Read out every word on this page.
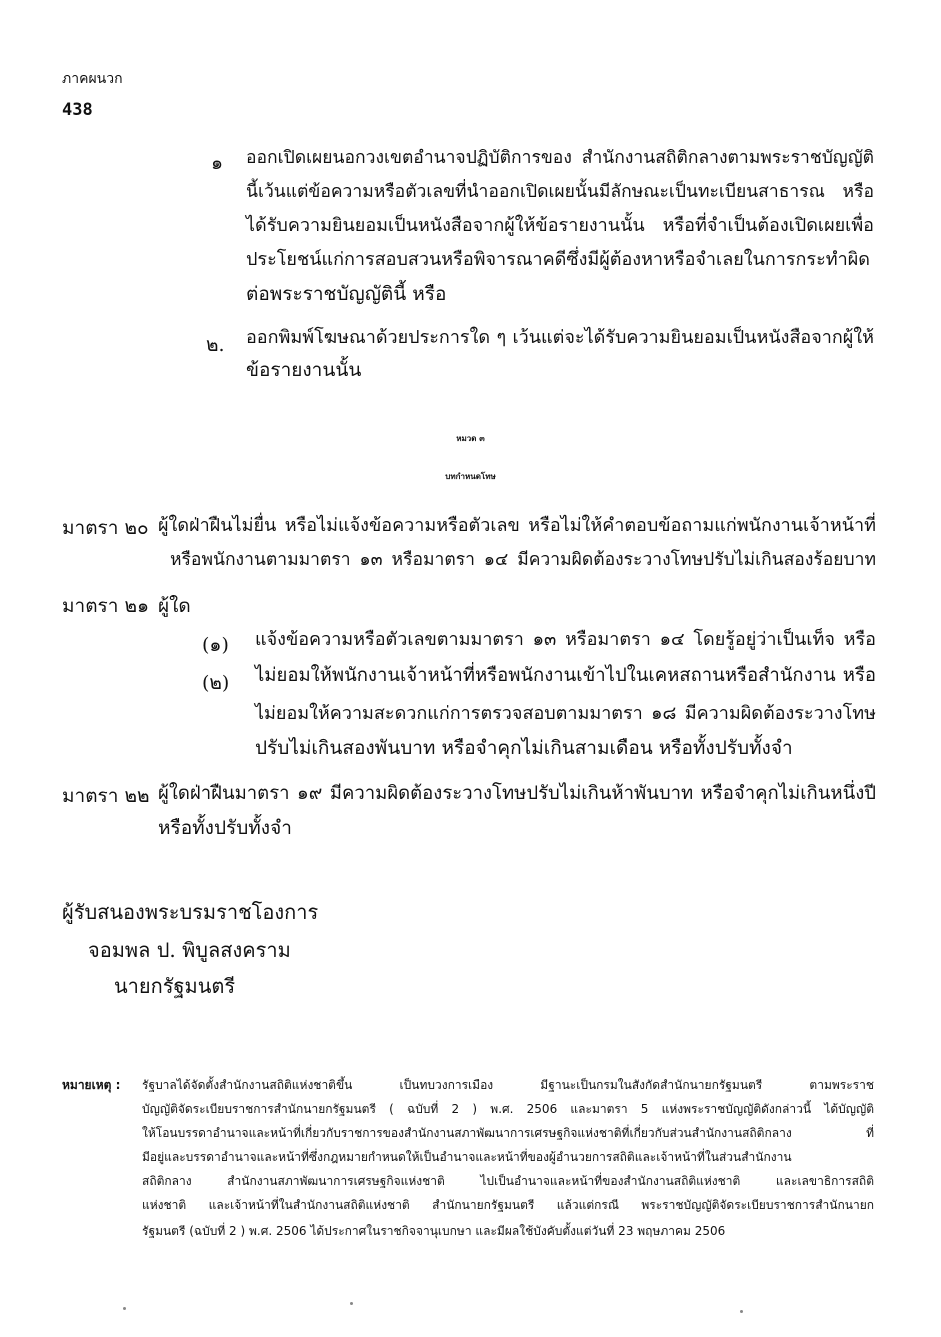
ภาคผนวก
438
๑ ออกเปิดเผยนอกวงเขตอำนาจปฏิบัติการของ สำนักงานสถิติกลางตามพระราชบัญญัติ
นี้เว้นแต่ข้อความหรือตัวเลขที่นำออกเปิดเผยนั้นมีลักษณะเป็นทะเบียนสาธารณ หรือ
ได้รับความยินยอมเป็นหนังสือจากผู้ให้ข้อรายงานนั้น หรือที่จำเป็นต้องเปิดเผยเพื่อ
ประโยชน์แก่การสอบสวนหรือพิจารณาคดีซึ่งมีผู้ต้องหาหรือจำเลยในการกระทำผิด
ต่อพระราชบัญญัตินี้ หรือ
๒. ออกพิมพ์โฆษณาด้วยประการใด ๆ เว้นแต่จะได้รับความยินยอมเป็นหนังสือจากผู้ให้
ข้อรายงานนั้น
หมวด ๓
บทกำหนดโทษ
มาตรา ๒๐ ผู้ใดฝ่าฝืนไม่ยื่น หรือไม่แจ้งข้อความหรือตัวเลข หรือไม่ให้คำตอบข้อถามแก่พนักงานเจ้าหน้าที่
หรือพนักงานตามมาตรา ๑๓ หรือมาตรา ๑๔ มีความผิดต้องระวางโทษปรับไม่เกินสองร้อยบาท
มาตรา ๒๑ ผู้ใด
(๑) แจ้งข้อความหรือตัวเลขตามมาตรา ๑๓ หรือมาตรา ๑๔ โดยรู้อยู่ว่าเป็นเท็จ หรือ
(๒) ไม่ยอมให้พนักงานเจ้าหน้าที่หรือพนักงานเข้าไปในเคหสถานหรือสำนักงาน หรือ
ไม่ยอมให้ความสะดวกแก่การตรวจสอบตามมาตรา ๑๘ มีความผิดต้องระวางโทษ
ปรับไม่เกินสองพันบาท หรือจำคุกไม่เกินสามเดือน หรือทั้งปรับทั้งจำ
มาตรา ๒๒ ผู้ใดฝ่าฝืนมาตรา ๑๙ มีความผิดต้องระวางโทษปรับไม่เกินห้าพันบาท หรือจำคุกไม่เกินหนึ่งปี
หรือทั้งปรับทั้งจำ
ผู้รับสนองพระบรมราชโองการ
จอมพล ป. พิบูลสงคราม
นายกรัฐมนตรี
หมายเหตุ : รัฐบาลได้จัดตั้งสำนักงานสถิติแห่งชาติขึ้น เป็นทบวงการเมือง มีฐานะเป็นกรมในสังกัดสำนักนายกรัฐมนตรี ตามพระราช
บัญญัติจัดระเบียบราชการสำนักนายกรัฐมนตรี ( ฉบับที่ 2 ) พ.ศ. 2506 และมาตรา 5 แห่งพระราชบัญญัติดังกล่าวนี้ ได้บัญญัติ
ให้โอนบรรดาอำนาจและหน้าที่เกี่ยวกับราชการของสำนักงานสภาพัฒนาการเศรษฐกิจแห่งชาติที่เกี่ยวกับส่วนสำนักงานสถิติกลาง ที่
มีอยู่และบรรดาอำนาจและหน้าที่ซึ่งกฎหมายกำหนดให้เป็นอำนาจและหน้าที่ของผู้อำนวยการสถิติและเจ้าหน้าที่ในส่วนสำนักงาน
สถิติกลาง สำนักงานสภาพัฒนาการเศรษฐกิจแห่งชาติ ไปเป็นอำนาจและหน้าที่ของสำนักงานสถิติแห่งชาติ และเลขาธิการสถิติ
แห่งชาติ และเจ้าหน้าที่ในสำนักงานสถิติแห่งชาติ สำนักนายกรัฐมนตรี แล้วแต่กรณี พระราชบัญญัติจัดระเบียบราชการสำนักนายก
รัฐมนตรี (ฉบับที่ 2 ) พ.ศ. 2506 ได้ประกาศในราชกิจจานุเบกษา และมีผลใช้บังคับตั้งแต่วันที่ 23 พฤษภาคม 2506
